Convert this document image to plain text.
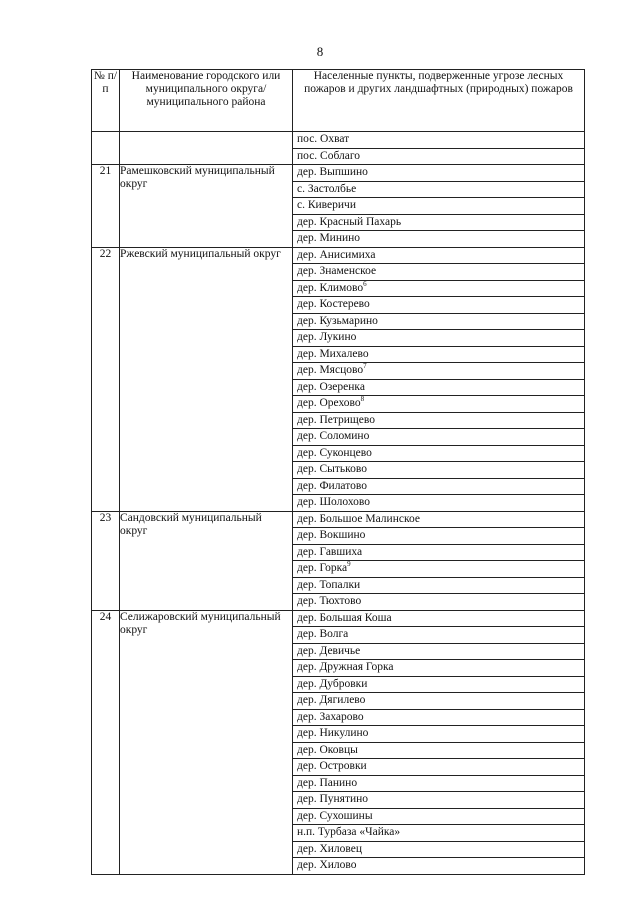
8
№ п/п	Наименование городского или муниципального округа/муниципального района	Населенные пункты, подверженные угрозе лесных пожаров и других ландшафтных (природных) пожаров
		пос. Охват
		пос. Соблаго
21	Рамешковский муниципальный округ	дер. Выпшино
		с. Застолбье
		с. Киверичи
		дер. Красный Пахарь
		дер. Минино
22	Ржевский муниципальный округ	дер. Анисимиха
		дер. Знаменское
		дер. Климово$^6$
		дер. Костерево
		дер. Кузьмарино
		дер. Лукино
		дер. Михалево
		дер. Мясцово$^7$
		дер. Озеренка
		дер. Орехово$^8$
		дер. Петрищево
		дер. Соломино
		дер. Суконцево
		дер. Сытьково
		дер. Филатово
		дер. Шолохово
23	Сандовский муниципальный округ	дер. Большое Малинское
		дер. Вокшино
		дер. Гавшиха
		дер. Горка$^9$
		дер. Топалки
		дер. Тюхтово
24	Селижаровский муниципальный округ	дер. Большая Коша
		дер. Волга
		дер. Девичье
		дер. Дружная Горка
		дер. Дубровки
		дер. Дягилево
		дер. Захарово
		дер. Никулино
		дер. Оковцы
		дер. Островки
		дер. Панино
		дер. Пунятино
		дер. Сухошины
		н.п. Турбаза «Чайка»
		дер. Хиловец
		дер. Хилово
